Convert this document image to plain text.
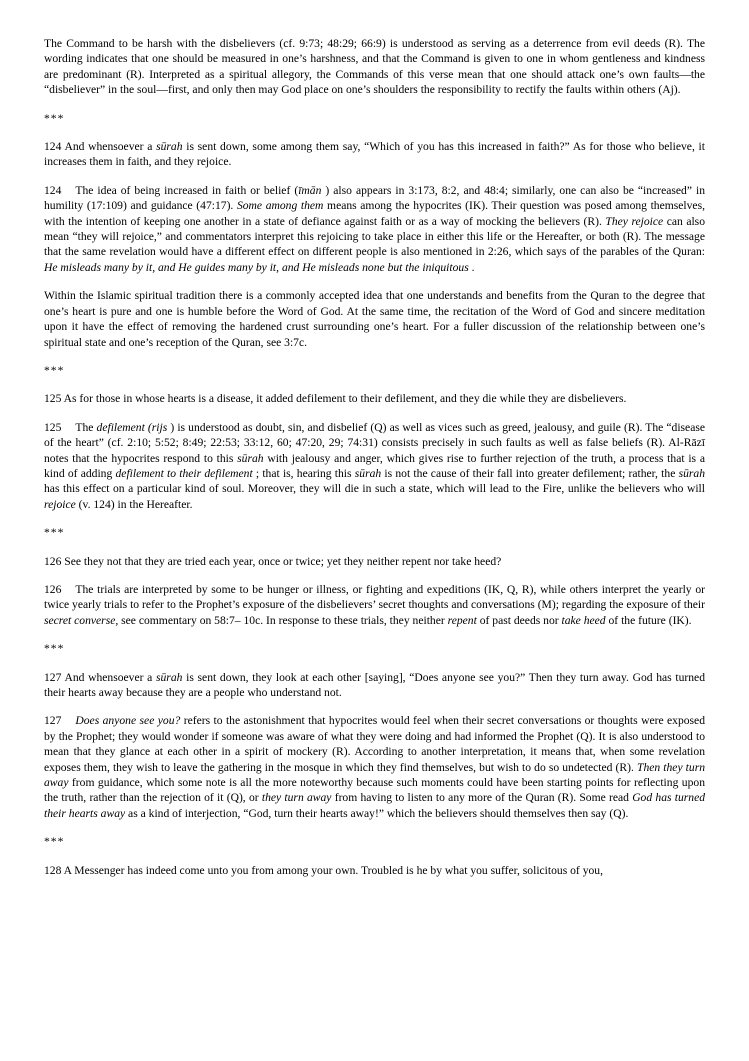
The Command to be harsh with the disbelievers (cf. 9:73; 48:29; 66:9) is understood as serving as a deterrence from evil deeds (R). The wording indicates that one should be measured in one’s harshness, and that the Command is given to one in whom gentleness and kindness are predominant (R). Interpreted as a spiritual allegory, the Commands of this verse mean that one should attack one’s own faults—the “disbeliever” in the soul—first, and only then may God place on one’s shoulders the responsibility to rectify the faults within others (Aj).
***
124 And whensoever a sūrah is sent down, some among them say, “Which of you has this increased in faith?” As for those who believe, it increases them in faith, and they rejoice.
124 The idea of being increased in faith or belief (īmān ) also appears in 3:173, 8:2, and 48:4; similarly, one can also be “increased” in humility (17:109) and guidance (47:17). Some among them means among the hypocrites (IK). Their question was posed among themselves, with the intention of keeping one another in a state of defiance against faith or as a way of mocking the believers (R). They rejoice can also mean “they will rejoice,” and commentators interpret this rejoicing to take place in either this life or the Hereafter, or both (R). The message that the same revelation would have a different effect on different people is also mentioned in 2:26, which says of the parables of the Quran: He misleads many by it, and He guides many by it, and He misleads none but the iniquitous .
Within the Islamic spiritual tradition there is a commonly accepted idea that one understands and benefits from the Quran to the degree that one’s heart is pure and one is humble before the Word of God. At the same time, the recitation of the Word of God and sincere meditation upon it have the effect of removing the hardened crust surrounding one’s heart. For a fuller discussion of the relationship between one’s spiritual state and one’s reception of the Quran, see 3:7c.
***
125 As for those in whose hearts is a disease, it added defilement to their defilement, and they die while they are disbelievers.
125 The defilement (rijs ) is understood as doubt, sin, and disbelief (Q) as well as vices such as greed, jealousy, and guile (R). The “disease of the heart” (cf. 2:10; 5:52; 8:49; 22:53; 33:12, 60; 47:20, 29; 74:31) consists precisely in such faults as well as false beliefs (R). Al-Rāzī notes that the hypocrites respond to this sūrah with jealousy and anger, which gives rise to further rejection of the truth, a process that is a kind of adding defilement to their defilement ; that is, hearing this sūrah is not the cause of their fall into greater defilement; rather, the sūrah has this effect on a particular kind of soul. Moreover, they will die in such a state, which will lead to the Fire, unlike the believers who will rejoice (v. 124) in the Hereafter.
***
126 See they not that they are tried each year, once or twice; yet they neither repent nor take heed?
126 The trials are interpreted by some to be hunger or illness, or fighting and expeditions (IK, Q, R), while others interpret the yearly or twice yearly trials to refer to the Prophet’s exposure of the disbelievers’ secret thoughts and conversations (M); regarding the exposure of their secret converse, see commentary on 58:7– 10c. In response to these trials, they neither repent of past deeds nor take heed of the future (IK).
***
127 And whensoever a sūrah is sent down, they look at each other [saying], “Does anyone see you?” Then they turn away. God has turned their hearts away because they are a people who understand not.
127 Does anyone see you? refers to the astonishment that hypocrites would feel when their secret conversations or thoughts were exposed by the Prophet; they would wonder if someone was aware of what they were doing and had informed the Prophet (Q). It is also understood to mean that they glance at each other in a spirit of mockery (R). According to another interpretation, it means that, when some revelation exposes them, they wish to leave the gathering in the mosque in which they find themselves, but wish to do so undetected (R). Then they turn away from guidance, which some note is all the more noteworthy because such moments could have been starting points for reflecting upon the truth, rather than the rejection of it (Q), or they turn away from having to listen to any more of the Quran (R). Some read God has turned their hearts away as a kind of interjection, “God, turn their hearts away!” which the believers should themselves then say (Q).
***
128 A Messenger has indeed come unto you from among your own. Troubled is he by what you suffer, solicitous of you,
